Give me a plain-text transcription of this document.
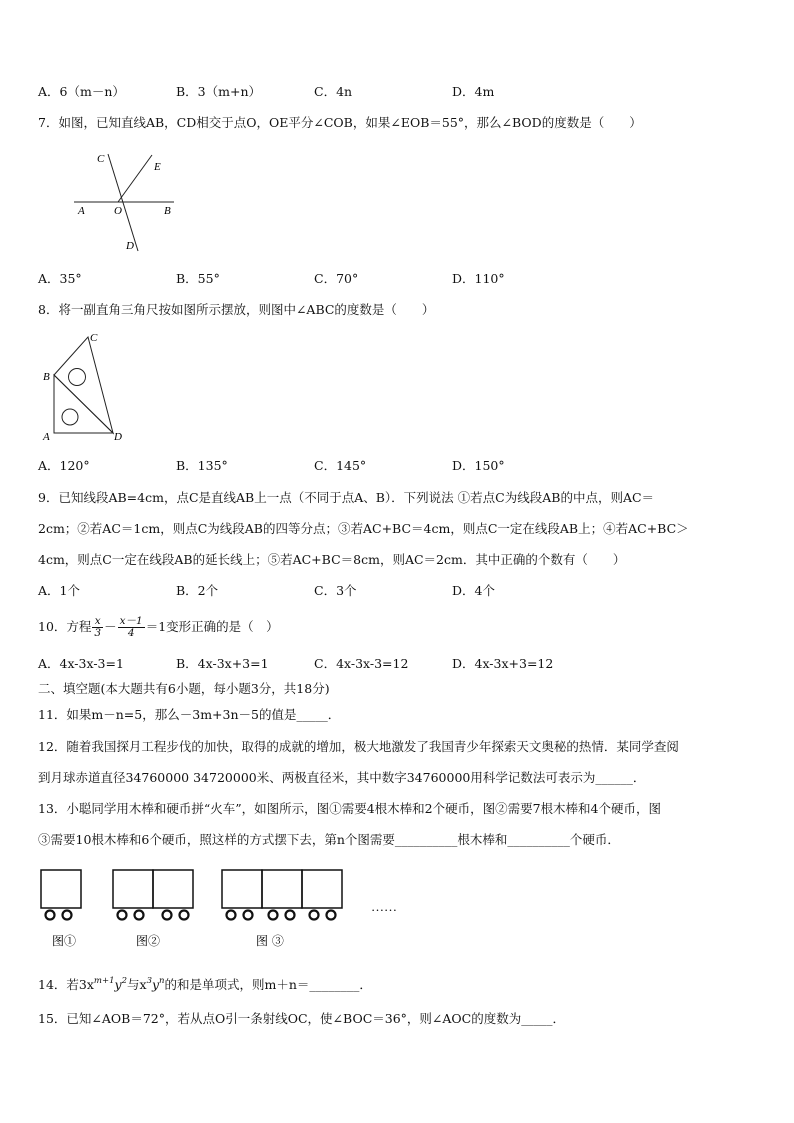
A．6（m－n）	B．3（m+n）	C．4n	D．4m
7．如图，已知直线AB，CD相交于点O，OE平分∠COB，如果∠EOB＝55°，那么∠BOD的度数是（　　）
C
E
A	O	B
D
A．35°	B．55°	C．70°	D．110°
8．将一副直角三角尺按如图所示摆放，则图中∠ABC的度数是（　　）
C
B
A	D
A．120°	B．135°	C．145°	D．150°
9．已知线段AB=4cm，点C是直线AB上一点（不同于点A、B）．下列说法 ①若点C为线段AB的中点，则AC＝
2cm；②若AC＝1cm，则点C为线段AB的四等分点；③若AC+BC＝4cm，则点C一定在线段AB上；④若AC+BC＞
4cm，则点C一定在线段AB的延长线上；⑤若AC+BC＝8cm，则AC＝2cm．其中正确的个数有（　　）
A．1个	B．2个	C．3个	D．4个
10．方程 $\frac{x}{3} - \frac{x-1}{4} =1$变形正确的是（　）
A．4x-3x-3=1	B．4x-3x+3=1	C．4x-3x-3=12	D．4x-3x+3=12
二、填空题(本大题共有6小题，每小题3分，共18分)
11．如果m－n=5，那么－3m+3n－5的值是_____．
12．随着我国探月工程步伐的加快，取得的成就的增加，极大地激发了我国青少年探索天文奥秘的热情．某同学查阅
到月球赤道直径34760000 34720000米、两极直径米，其中数字34760000用科学记数法可表示为______．
13．小聪同学用木棒和硬币拼“火车”，如图所示，图①需要4根木棒和2个硬币，图②需要7根木棒和4个硬币，图
③需要10根木棒和6个硬币，照这样的方式摆下去，第n个图需要__________根木棒和__________个硬币．
……
图①	图②	图 ③
14．若$3x^{m+1}y^2$与$x^3y^n$的和是单项式，则m＋n＝________．
15．已知∠AOB＝72°，若从点O引一条射线OC，使∠BOC＝36°，则∠AOC的度数为_____．
